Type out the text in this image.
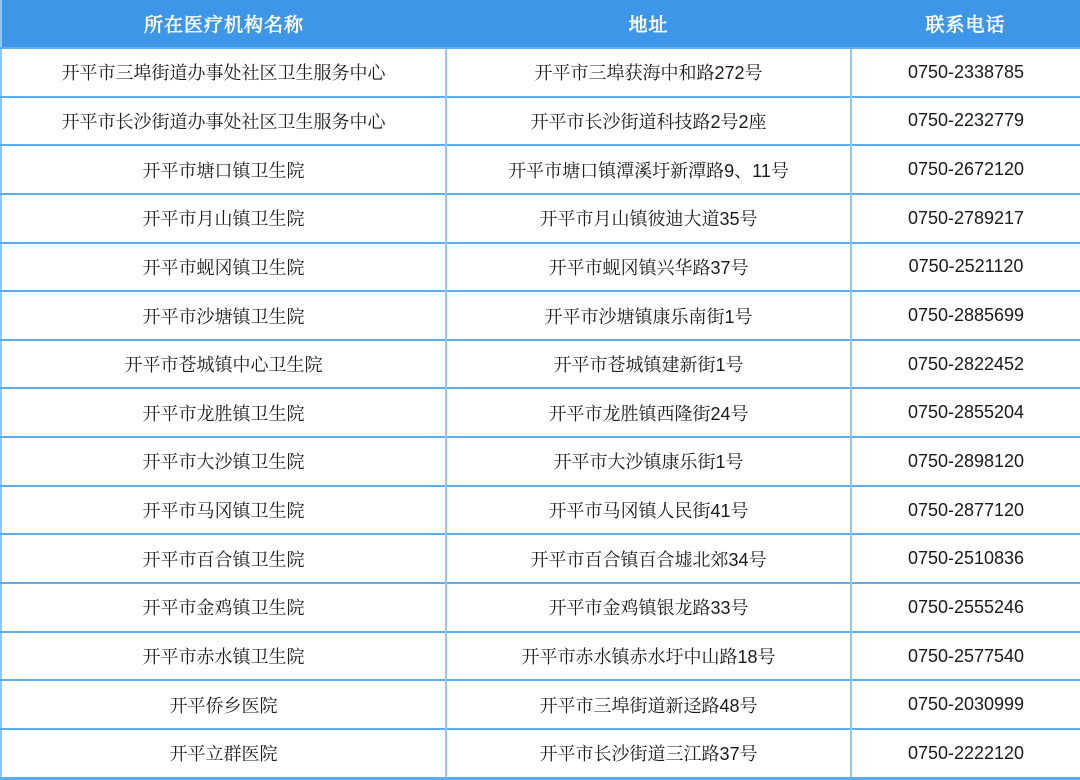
所在医疗机构名称	地址	联系电话
开平市三埠街道办事处社区卫生服务中心	开平市三埠获海中和路272号	0750-2338785
开平市长沙街道办事处社区卫生服务中心	开平市长沙街道科技路2号2座	0750-2232779
开平市塘口镇卫生院	开平市塘口镇潭溪圩新潭路9、11号	0750-2672120
开平市月山镇卫生院	开平市月山镇彼迪大道35号	0750-2789217
开平市蚬冈镇卫生院	开平市蚬冈镇兴华路37号	0750-2521120
开平市沙塘镇卫生院	开平市沙塘镇康乐南街1号	0750-2885699
开平市苍城镇中心卫生院	开平市苍城镇建新街1号	0750-2822452
开平市龙胜镇卫生院	开平市龙胜镇西隆街24号	0750-2855204
开平市大沙镇卫生院	开平市大沙镇康乐街1号	0750-2898120
开平市马冈镇卫生院	开平市马冈镇人民街41号	0750-2877120
开平市百合镇卫生院	开平市百合镇百合墟北郊34号	0750-2510836
开平市金鸡镇卫生院	开平市金鸡镇银龙路33号	0750-2555246
开平市赤水镇卫生院	开平市赤水镇赤水圩中山路18号	0750-2577540
开平侨乡医院	开平市三埠街道新迳路48号	0750-2030999
开平立群医院	开平市长沙街道三江路37号	0750-2222120
